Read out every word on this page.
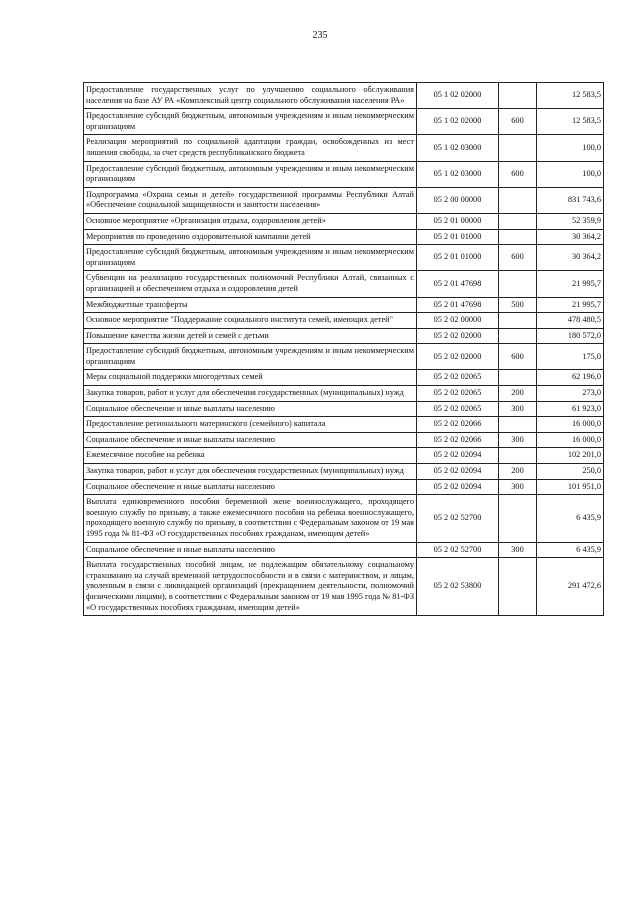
235
Предоставление государственных услуг по улучшению социального обслуживания населения на базе АУ РА «Комплексный центр социального обслуживания населения РА»	05 1 02 02000		12 583,5
Предоставление субсидий бюджетным, автономным учреждениям и иным некоммерческим организациям	05 1 02 02000	600	12 583,5
Реализация мероприятий по социальной адаптации граждан, освобожденных из мест лишения свободы, за счет средств республиканского бюджета	05 1 02 03000		100,0
Предоставление субсидий бюджетным, автономным учреждениям и иным некоммерческим организациям	05 1 02 03000	600	100,0
Подпрограмма «Охрана семьи и детей» государственной программы Республики Алтай «Обеспечение социальной защищенности и занятости населения»	05 2 00 00000		831 743,6
Основное мероприятие «Организация отдыха, оздоровления детей»	05 2 01 00000		52 359,9
Мероприятия по проведению оздоровительной кампании детей	05 2 01 01000		30 364,2
Предоставление субсидий бюджетным, автономным учреждениям и иным некоммерческим организациям	05 2 01 01000	600	30 364,2
Субвенции на реализацию государственных полномочий Республики Алтай, связанных с организацией и обеспечением отдыха и оздоровления детей	05 2 01 47698		21 995,7
Межбюджетные трансферты	05 2 01 47698	500	21 995,7
Основное мероприятие "Поддержание социального института семей, имеющих детей"	05 2 02 00000		478 480,5
Повышение качества жизни детей и семей с детьми	05 2 02 02000		180 572,0
Предоставление субсидий бюджетным, автономным учреждениям и иным некоммерческим организациям	05 2 02 02000	600	175,0
Меры социальной поддержки многодетных семей	05 2 02 02065		62 196,0
Закупка товаров, работ и услуг для обеспечения государственных (муниципальных) нужд	05 2 02 02065	200	273,0
Социальное обеспечение и иные выплаты населению	05 2 02 02065	300	61 923,0
Предоставление регионального материнского (семейного) капитала	05 2 02 02066		16 000,0
Социальное обеспечение и иные выплаты населению	05 2 02 02066	300	16 000,0
Ежемесячное пособие на ребенка	05 2 02 02094		102 201,0
Закупка товаров, работ и услуг для обеспечения государственных (муниципальных) нужд	05 2 02 02094	200	250,0
Социальное обеспечение и иные выплаты населению	05 2 02 02094	300	101 951,0
Выплата единовременного пособия беременной жене военнослужащего, проходящего военную службу по призыву, а также ежемесячного пособия на ребенка военнослужащего, проходящего военную службу по призыву, в соответствии с Федеральным законом от 19 мая 1995 года № 81-ФЗ «О государственных пособиях гражданам, имеющим детей»	05 2 02 52700		6 435,9
Социальное обеспечение и иные выплаты населению	05 2 02 52700	300	6 435,9
Выплата государственных пособий лицам, не подлежащим обязательному социальному страхованию на случай временной нетрудоспособности и в связи с материнством, и лицам, уволенным в связи с ликвидацией организаций (прекращением деятельности, полномочий физическими лицами), в соответствии с Федеральным законом от 19 мая 1995 года № 81-ФЗ «О государственных пособиях гражданам, имеющим детей»	05 2 02 53800		291 472,6
